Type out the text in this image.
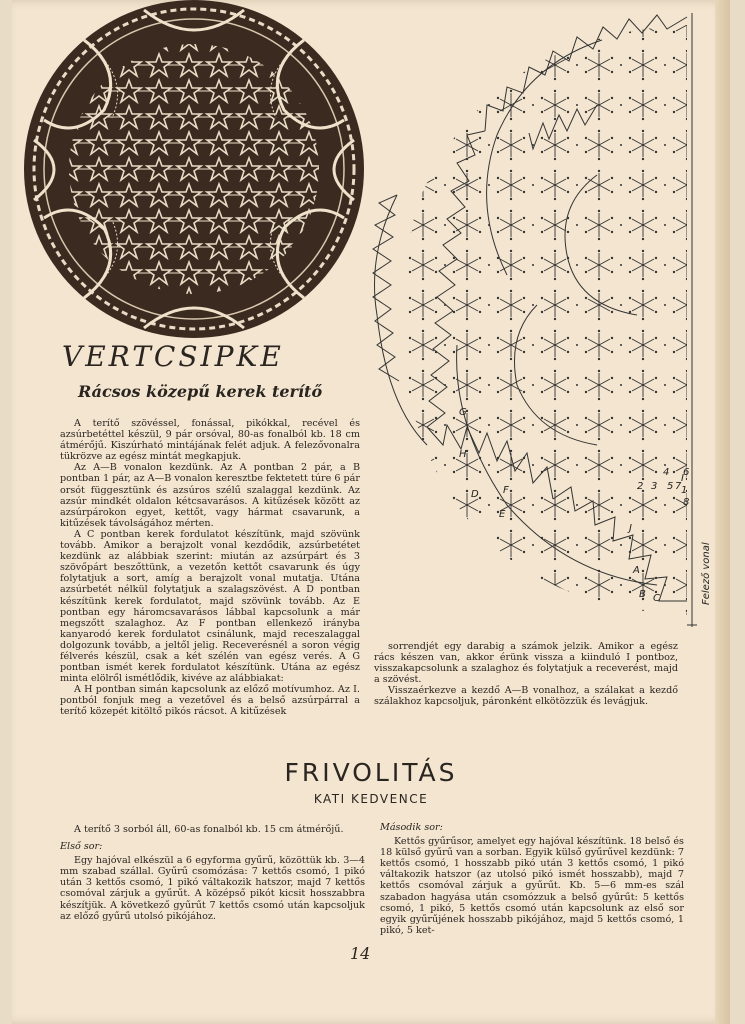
A
B C
D
E
F
G
H
I
J
1
2 3
4
5
6
7
8
Felező vonal
VERTCSIPKE
Rácsos közepű kerek terítő

A terítő szövéssel, fonással, pikókkal, recével és azsúrbetéttel készül, 9 pár orsóval, 80-as fonalból kb. 18 cm átmérőjű. Kiszúrható mintájának felét adjuk. A felezővonalra tükrözve az egész mintát megkapjuk.

Az A—B vonalon kezdünk. Az A pontban 2 pár, a B pontban 1 pár, az A—B vonalon keresztbe fektetett túre 6 pár orsót függesztünk és azsúros szélű szalaggal kezdünk. Az azsúr mindkét oldalon kétcsavarásos. A kitűzések között az azsúrpárokon egyet, kettőt, vagy hármat csavarunk, a kitűzések távolságához mérten.

A C pontban kerek fordulatot készítünk, majd szövünk tovább. Amikor a berajzolt vonal kezdődik, azsúrbetétet kezdünk az alábbiak szerint: miután az azsúrpárt és 3 szövőpárt beszőttünk, a vezetőn kettőt csavarunk és úgy folytatjuk a sort, amíg a berajzolt vonal mutatja. Utána azsúrbetét nélkül folytatjuk a szalagszövést. A D pontban készítünk kerek fordulatot, majd szövünk tovább. Az E pontban egy háromcsavarásos lábbal kapcsolunk a már megszőtt szalaghoz. Az F pontban ellenkező irányba kanyarodó kerek fordulatot csinálunk, majd receszalaggal dolgozunk tovább, a jeltől jelig. Receverésnél a soron végig félverés készül, csak a két szélén van egész verés. A G pontban ismét kerek fordulatot készítünk. Utána az egész minta elölről ismétlődik, kivéve az alábbiakat:

A H pontban simán kapcsolunk az előző motívumhoz. Az I. pontból fonjuk meg a vezetővel és a belső azsúrpárral a terítő közepét kitöltő pikós rácsot. A kitűzések

sorrendjét egy darabig a számok jelzik. Amikor a egész rács készen van, akkor érünk vissza a kiinduló I pontboz, visszakapcsolunk a szalaghoz és folytatjuk a receverést, majd a szövést.

Visszaérkezve a kezdő A—B vonalhoz, a szálakat a kezdő szálakhoz kapcsoljuk, páronként elkötözzük és levágjuk.

FRIVOLITÁS
KATI KEDVENCE

A terítő 3 sorból áll, 60-as fonalból kb. 15 cm átmérőjű.

Első sor:

Egy hajóval elkészül a 6 egyforma gyűrű, közöttük kb. 3—4 mm szabad szállal. Gyűrű csomózása: 7 kettős csomó, 1 pikó után 3 kettős csomó, 1 pikó váltakozik hatszor, majd 7 kettős csomóval zárjuk a gyűrűt. A középső pikót kicsit hosszabbra készítjük. A következő gyűrűt 7 kettős csomó után kapcsoljuk az előző gyűrű utolsó pikójához.

Második sor:

Kettős gyűrűsor, amelyet egy hajóval készítünk. 18 belső és 18 külső gyűrű van a sorban. Egyik külső gyűrűvel kezdünk: 7 kettős csomó, 1 hosszabb pikó után 3 kettős csomó, 1 pikó váltakozik hatszor (az utolsó pikó ismét hosszabb), majd 7 kettős csomóval zárjuk a gyűrűt. Kb. 5—6 mm-es szál szabadon hagyása után csomózzuk a belső gyűrűt: 5 kettős csomó, 1 pikó, 5 kettős csomó után kapcsolunk az első sor egyik gyűrűjének hosszabb pikójához, majd 5 kettős csomó, 1 pikó, 5 ket-

14
